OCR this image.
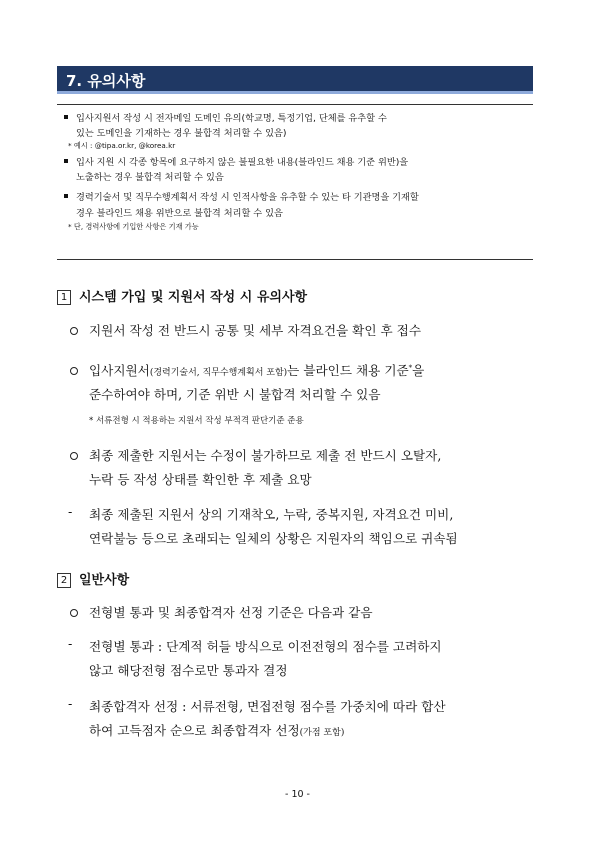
7. 유의사항
입사지원서 작성 시 전자메일 도메인 유의(학교명, 특정기업, 단체를 유추할 수
있는 도메인을 기재하는 경우 불합격 처리할 수 있음)
* 예시 : @tipa.or.kr, @korea.kr
입사 지원 시 각종 항목에 요구하지 않은 불필요한 내용(블라인드 채용 기준 위반)을
노출하는 경우 불합격 처리할 수 있음
경력기술서 및 직무수행계획서 작성 시 인적사항을 유추할 수 있는 타 기관명을 기재할
경우 블라인드 채용 위반으로 불합격 처리할 수 있음
* 단, 경력사항에 기입한 사항은 기재 가능
1 시스템 가입 및 지원서 작성 시 유의사항
지원서 작성 전 반드시 공통 및 세부 자격요건을 확인 후 접수
입사지원서(경력기술서, 직무수행계획서 포함)는 블라인드 채용 기준*을
준수하여야 하며, 기준 위반 시 불합격 처리할 수 있음
* 서류전형 시 적용하는 지원서 작성 부적격 판단기준 준용
최종 제출한 지원서는 수정이 불가하므로 제출 전 반드시 오탈자,
누락 등 작성 상태를 확인한 후 제출 요망
- 최종 제출된 지원서 상의 기재착오, 누락, 중복지원, 자격요건 미비,
연락불능 등으로 초래되는 일체의 상황은 지원자의 책임으로 귀속됨
2 일반사항
전형별 통과 및 최종합격자 선정 기준은 다음과 같음
- 전형별 통과 : 단계적 허들 방식으로 이전전형의 점수를 고려하지
않고 해당전형 점수로만 통과자 결정
- 최종합격자 선정 : 서류전형, 면접전형 점수를 가중치에 따라 합산
하여 고득점자 순으로 최종합격자 선정(가점 포함)
- 10 -
